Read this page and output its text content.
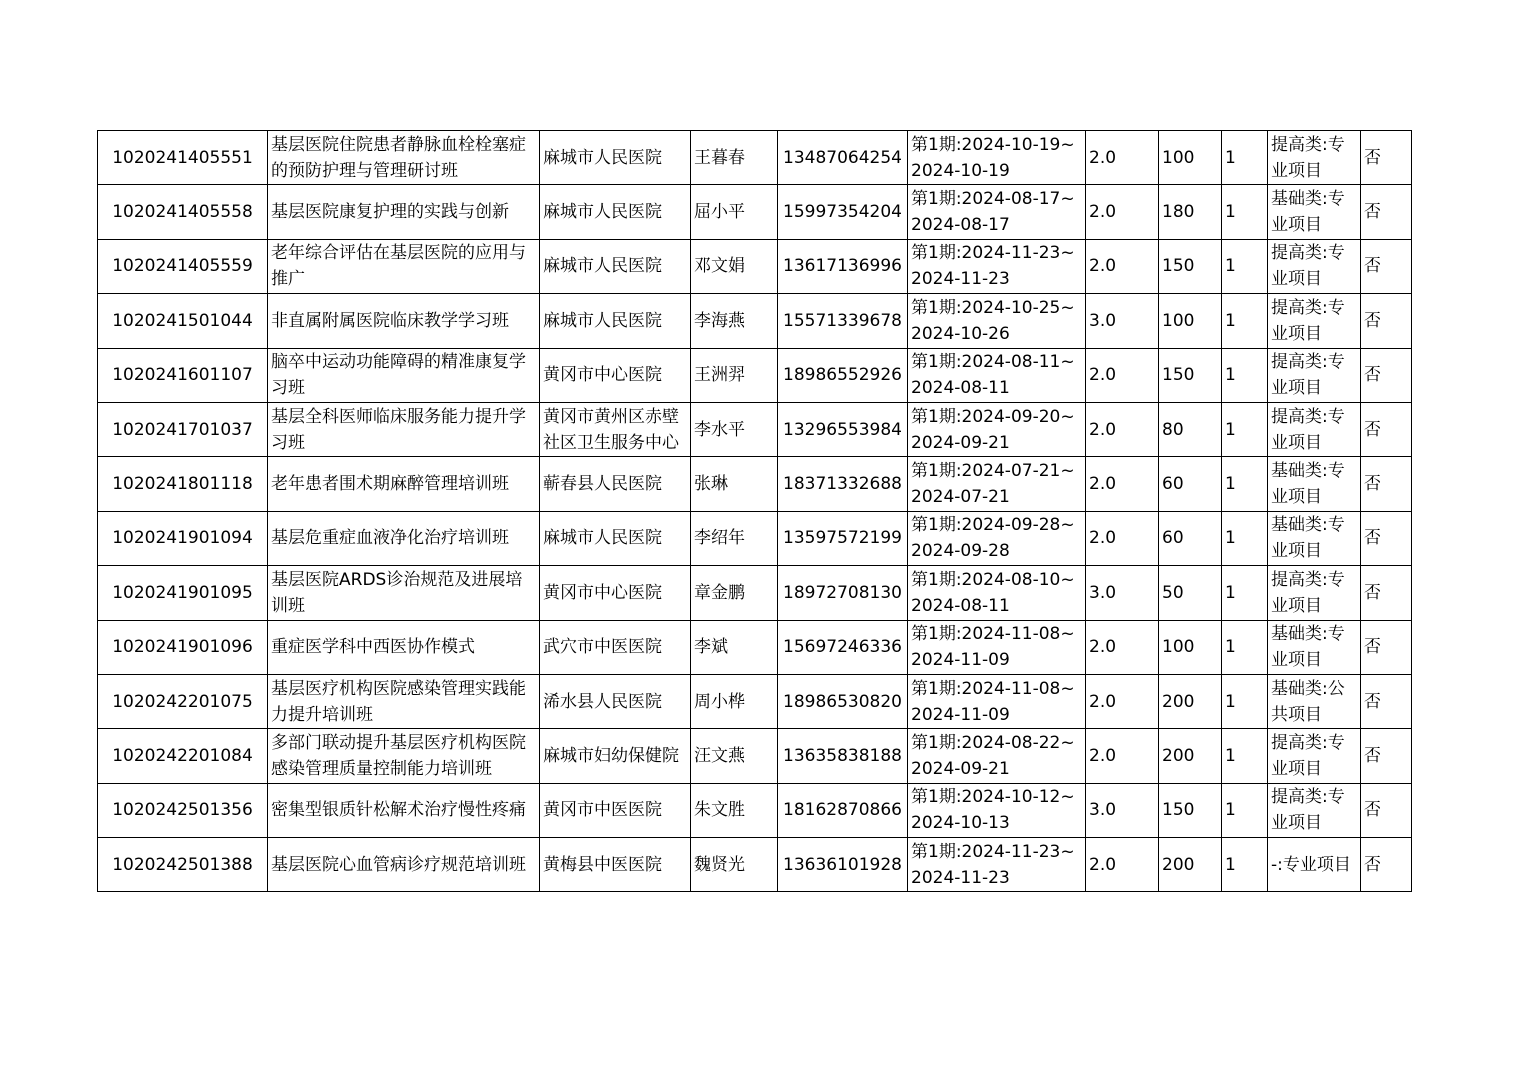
1020241405551	基层医院住院患者静脉血栓栓塞症的预防护理与管理研讨班	麻城市人民医院	王暮春	13487064254	第1期:2024-10-19~2024-10-19	2.0	100	1	提高类:专业项目	否
1020241405558	基层医院康复护理的实践与创新	麻城市人民医院	屈小平	15997354204	第1期:2024-08-17~2024-08-17	2.0	180	1	基础类:专业项目	否
1020241405559	老年综合评估在基层医院的应用与推广	麻城市人民医院	邓文娟	13617136996	第1期:2024-11-23~2024-11-23	2.0	150	1	提高类:专业项目	否
1020241501044	非直属附属医院临床教学学习班	麻城市人民医院	李海燕	15571339678	第1期:2024-10-25~2024-10-26	3.0	100	1	提高类:专业项目	否
1020241601107	脑卒中运动功能障碍的精准康复学习班	黄冈市中心医院	王洲羿	18986552926	第1期:2024-08-11~2024-08-11	2.0	150	1	提高类:专业项目	否
1020241701037	基层全科医师临床服务能力提升学习班	黄冈市黄州区赤壁社区卫生服务中心	李水平	13296553984	第1期:2024-09-20~2024-09-21	2.0	80	1	提高类:专业项目	否
1020241801118	老年患者围术期麻醉管理培训班	蕲春县人民医院	张琳	18371332688	第1期:2024-07-21~2024-07-21	2.0	60	1	基础类:专业项目	否
1020241901094	基层危重症血液净化治疗培训班	麻城市人民医院	李绍年	13597572199	第1期:2024-09-28~2024-09-28	2.0	60	1	基础类:专业项目	否
1020241901095	基层医院ARDS诊治规范及进展培训班	黄冈市中心医院	章金鹏	18972708130	第1期:2024-08-10~2024-08-11	3.0	50	1	提高类:专业项目	否
1020241901096	重症医学科中西医协作模式	武穴市中医医院	李斌	15697246336	第1期:2024-11-08~2024-11-09	2.0	100	1	基础类:专业项目	否
1020242201075	基层医疗机构医院感染管理实践能力提升培训班	浠水县人民医院	周小桦	18986530820	第1期:2024-11-08~2024-11-09	2.0	200	1	基础类:公共项目	否
1020242201084	多部门联动提升基层医疗机构医院感染管理质量控制能力培训班	麻城市妇幼保健院	汪文燕	13635838188	第1期:2024-08-22~2024-09-21	2.0	200	1	提高类:专业项目	否
1020242501356	密集型银质针松解术治疗慢性疼痛	黄冈市中医医院	朱文胜	18162870866	第1期:2024-10-12~2024-10-13	3.0	150	1	提高类:专业项目	否
1020242501388	基层医院心血管病诊疗规范培训班	黄梅县中医医院	魏贤光	13636101928	第1期:2024-11-23~2024-11-23	2.0	200	1	-:专业项目	否
